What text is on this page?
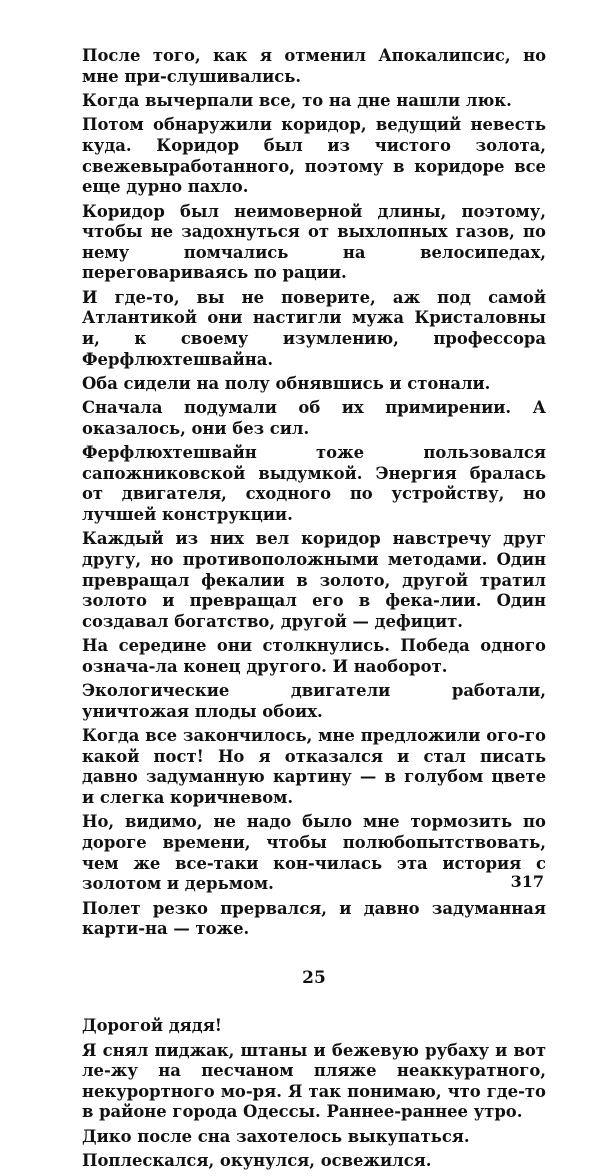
После того, как я отменил Апокалипсис, но мне при-слушивались.

Когда вычерпали все, то на дне нашли люк.

Потом обнаружили коридор, ведущий невесть куда. Коридор был из чистого золота, свежевыработанного, поэтому в коридоре все еще дурно пахло.

Коридор был неимоверной длины, поэтому, чтобы не задохнуться от выхлопных газов, по нему помчались на велосипедах, переговариваясь по рации.

И где-то, вы не поверите, аж под самой Атлантикой они настигли мужа Кристаловны и, к своему изумлению, профессора Ферфлюхтешвайна.

Оба сидели на полу обнявшись и стонали.

Сначала подумали об их примирении. А оказалось, они без сил.

Ферфлюхтешвайн тоже пользовался сапожниковской выдумкой. Энергия бралась от двигателя, сходного по устройству, но лучшей конструкции.

Каждый из них вел коридор навстречу друг другу, но противоположными методами. Один превращал фекалии в золото, другой тратил золото и превращал его в фека-лии. Один создавал богатство, другой — дефицит.

На середине они столкнулись. Победа одного означа-ла конец другого. И наоборот.

Экологические двигатели работали, уничтожая плоды обоих.

Когда все закончилось, мне предложили ого-го какой пост! Но я отказался и стал писать давно задуманную картину — в голубом цвете и слегка коричневом.

Но, видимо, не надо было мне тормозить по дороге времени, чтобы полюбопытствовать, чем же все-таки кон-чилась эта история с золотом и дерьмом.

Полет резко прервался, и давно задуманная карти-на — тоже.

25

Дорогой дядя!

Я снял пиджак, штаны и бежевую рубаху и вот ле-жу на песчаном пляже неаккуратного, некурортного мо-ря. Я так понимаю, что где-то в районе города Одессы. Раннее-раннее утро.

Дико после сна захотелось выкупаться.

Поплескался, окунулся, освежился.

317
